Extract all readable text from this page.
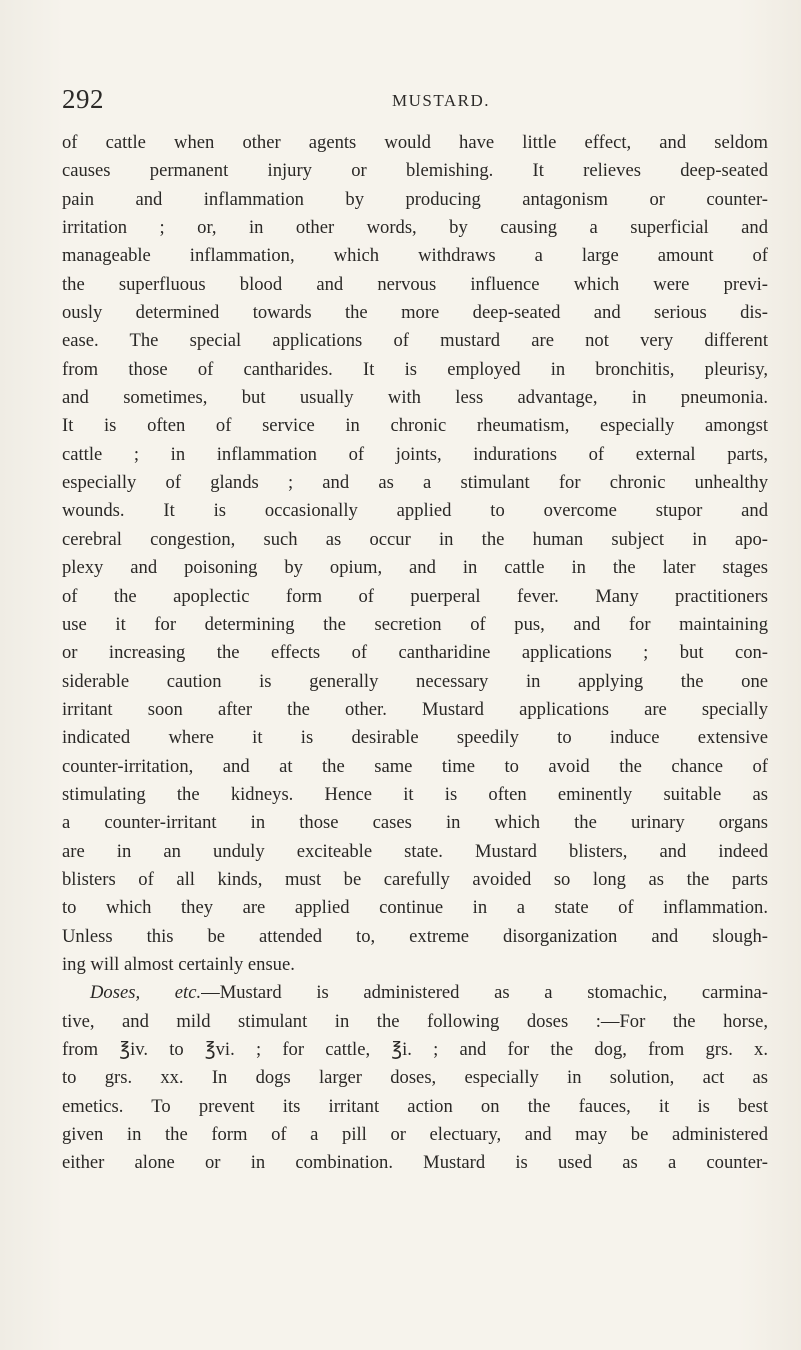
292	MUSTARD.
of cattle when other agents would have little effect, and seldom
causes permanent injury or blemishing. It relieves deep-seated
pain and inflammation by producing antagonism or counter-
irritation ; or, in other words, by causing a superficial and
manageable inflammation, which withdraws a large amount of
the superfluous blood and nervous influence which were previ-
ously determined towards the more deep-seated and serious dis-
ease. The special applications of mustard are not very different
from those of cantharides. It is employed in bronchitis, pleurisy,
and sometimes, but usually with less advantage, in pneumonia.
It is often of service in chronic rheumatism, especially amongst
cattle ; in inflammation of joints, indurations of external parts,
especially of glands ; and as a stimulant for chronic unhealthy
wounds. It is occasionally applied to overcome stupor and
cerebral congestion, such as occur in the human subject in apo-
plexy and poisoning by opium, and in cattle in the later stages
of the apoplectic form of puerperal fever. Many practitioners
use it for determining the secretion of pus, and for maintaining
or increasing the effects of cantharidine applications ; but con-
siderable caution is generally necessary in applying the one
irritant soon after the other. Mustard applications are specially
indicated where it is desirable speedily to induce extensive
counter-irritation, and at the same time to avoid the chance of
stimulating the kidneys. Hence it is often eminently suitable as
a counter-irritant in those cases in which the urinary organs
are in an unduly exciteable state. Mustard blisters, and indeed
blisters of all kinds, must be carefully avoided so long as the parts
to which they are applied continue in a state of inflammation.
Unless this be attended to, extreme disorganization and slough-
ing will almost certainly ensue.
Doses, etc.—Mustard is administered as a stomachic, carmina-
tive, and mild stimulant in the following doses :—For the horse,
from ℥iv. to ℥vi. ; for cattle, ℥i. ; and for the dog, from grs. x.
to grs. xx. In dogs larger doses, especially in solution, act as
emetics. To prevent its irritant action on the fauces, it is best
given in the form of a pill or electuary, and may be administered
either alone or in combination. Mustard is used as a counter-
